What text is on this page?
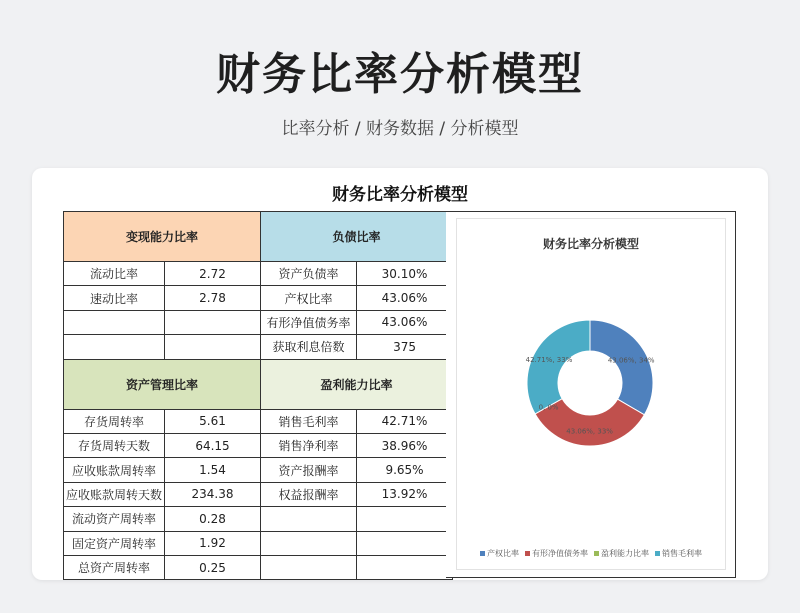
财务比率分析模型
比率分析 / 财务数据 / 分析模型
财务比率分析模型
变现能力比率		负债比率	
流动比率	2.72	资产负债率	30.10%
速动比率	2.78	产权比率	43.06%
		有形净值债务率	43.06%
		获取利息倍数	375
资产管理比率		盈利能力比率	
存货周转率	5.61	销售毛利率	42.71%
存货周转天数	64.15	销售净利率	38.96%
应收账款周转率	1.54	资产报酬率	9.65%
应收账款周转天数	234.38	权益报酬率	13.92%
流动资产周转率	0.28		
固定资产周转率	1.92		
总资产周转率	0.25		
财务比率分析模型
43.06%, 34%
43.06%, 33%
0, 0%
42.71%, 33%
产权比率 有形净值债务率 盈利能力比率 销售毛利率
